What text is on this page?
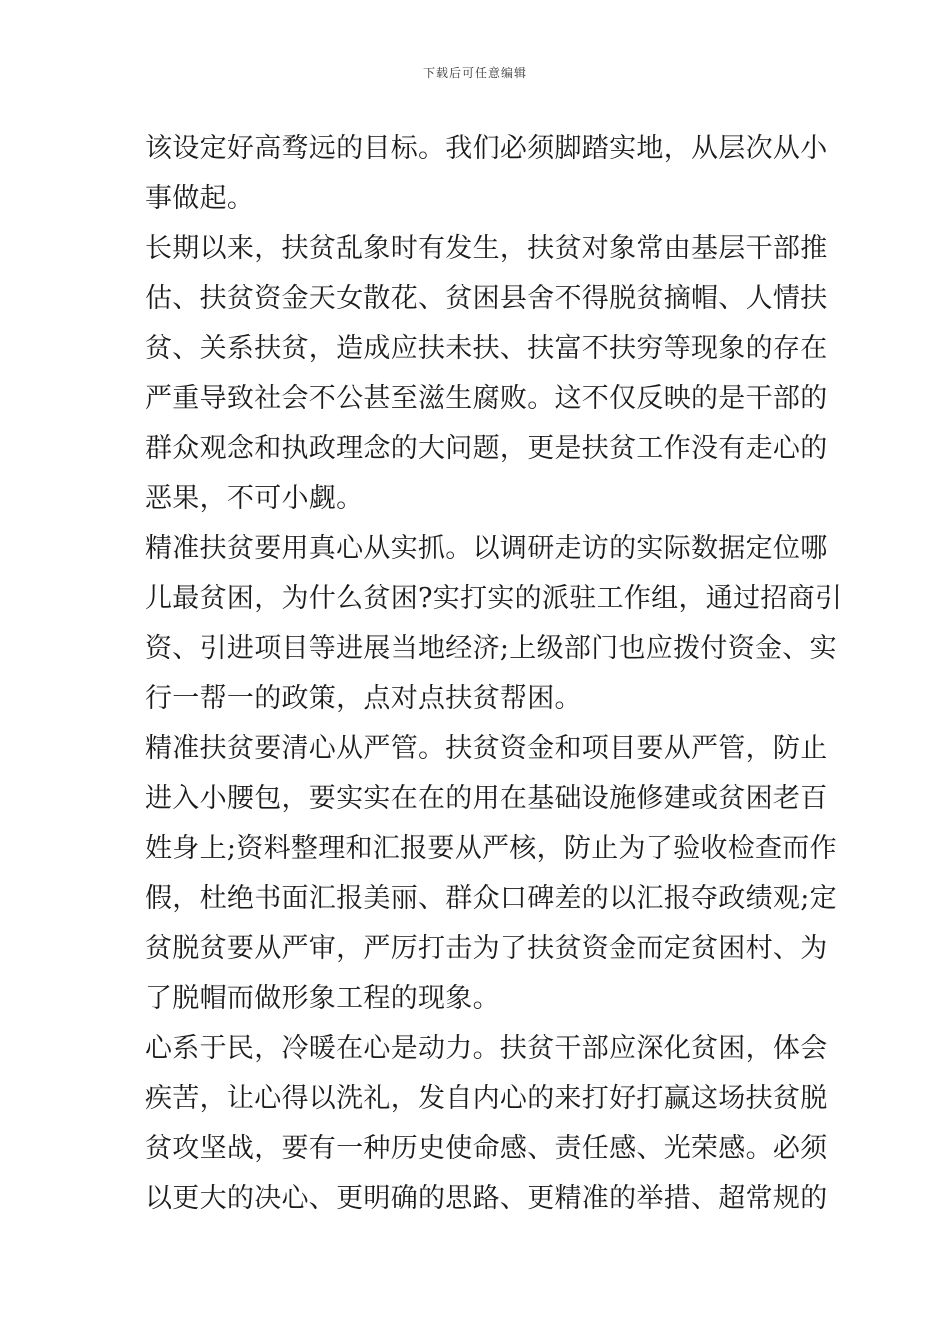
下载后可任意编辑
该设定好高骛远的目标。我们必须脚踏实地，从层次从小
事做起。
长期以来，扶贫乱象时有发生，扶贫对象常由基层干部推
估、扶贫资金天女散花、贫困县舍不得脱贫摘帽、人情扶
贫、关系扶贫，造成应扶未扶、扶富不扶穷等现象的存在
严重导致社会不公甚至滋生腐败。这不仅反映的是干部的
群众观念和执政理念的大问题，更是扶贫工作没有走心的
恶果，不可小觑。
精准扶贫要用真心从实抓。以调研走访的实际数据定位哪
儿最贫困，为什么贫困?实打实的派驻工作组，通过招商引
资、引进项目等进展当地经济;上级部门也应拨付资金、实
行一帮一的政策，点对点扶贫帮困。
精准扶贫要清心从严管。扶贫资金和项目要从严管，防止
进入小腰包，要实实在在的用在基础设施修建或贫困老百
姓身上;资料整理和汇报要从严核，防止为了验收检查而作
假，杜绝书面汇报美丽、群众口碑差的以汇报夺政绩观;定
贫脱贫要从严审，严厉打击为了扶贫资金而定贫困村、为
了脱帽而做形象工程的现象。
心系于民，冷暖在心是动力。扶贫干部应深化贫困，体会
疾苦，让心得以洗礼，发自内心的来打好打赢这场扶贫脱
贫攻坚战，要有一种历史使命感、责任感、光荣感。必须
以更大的决心、更明确的思路、更精准的举措、超常规的
